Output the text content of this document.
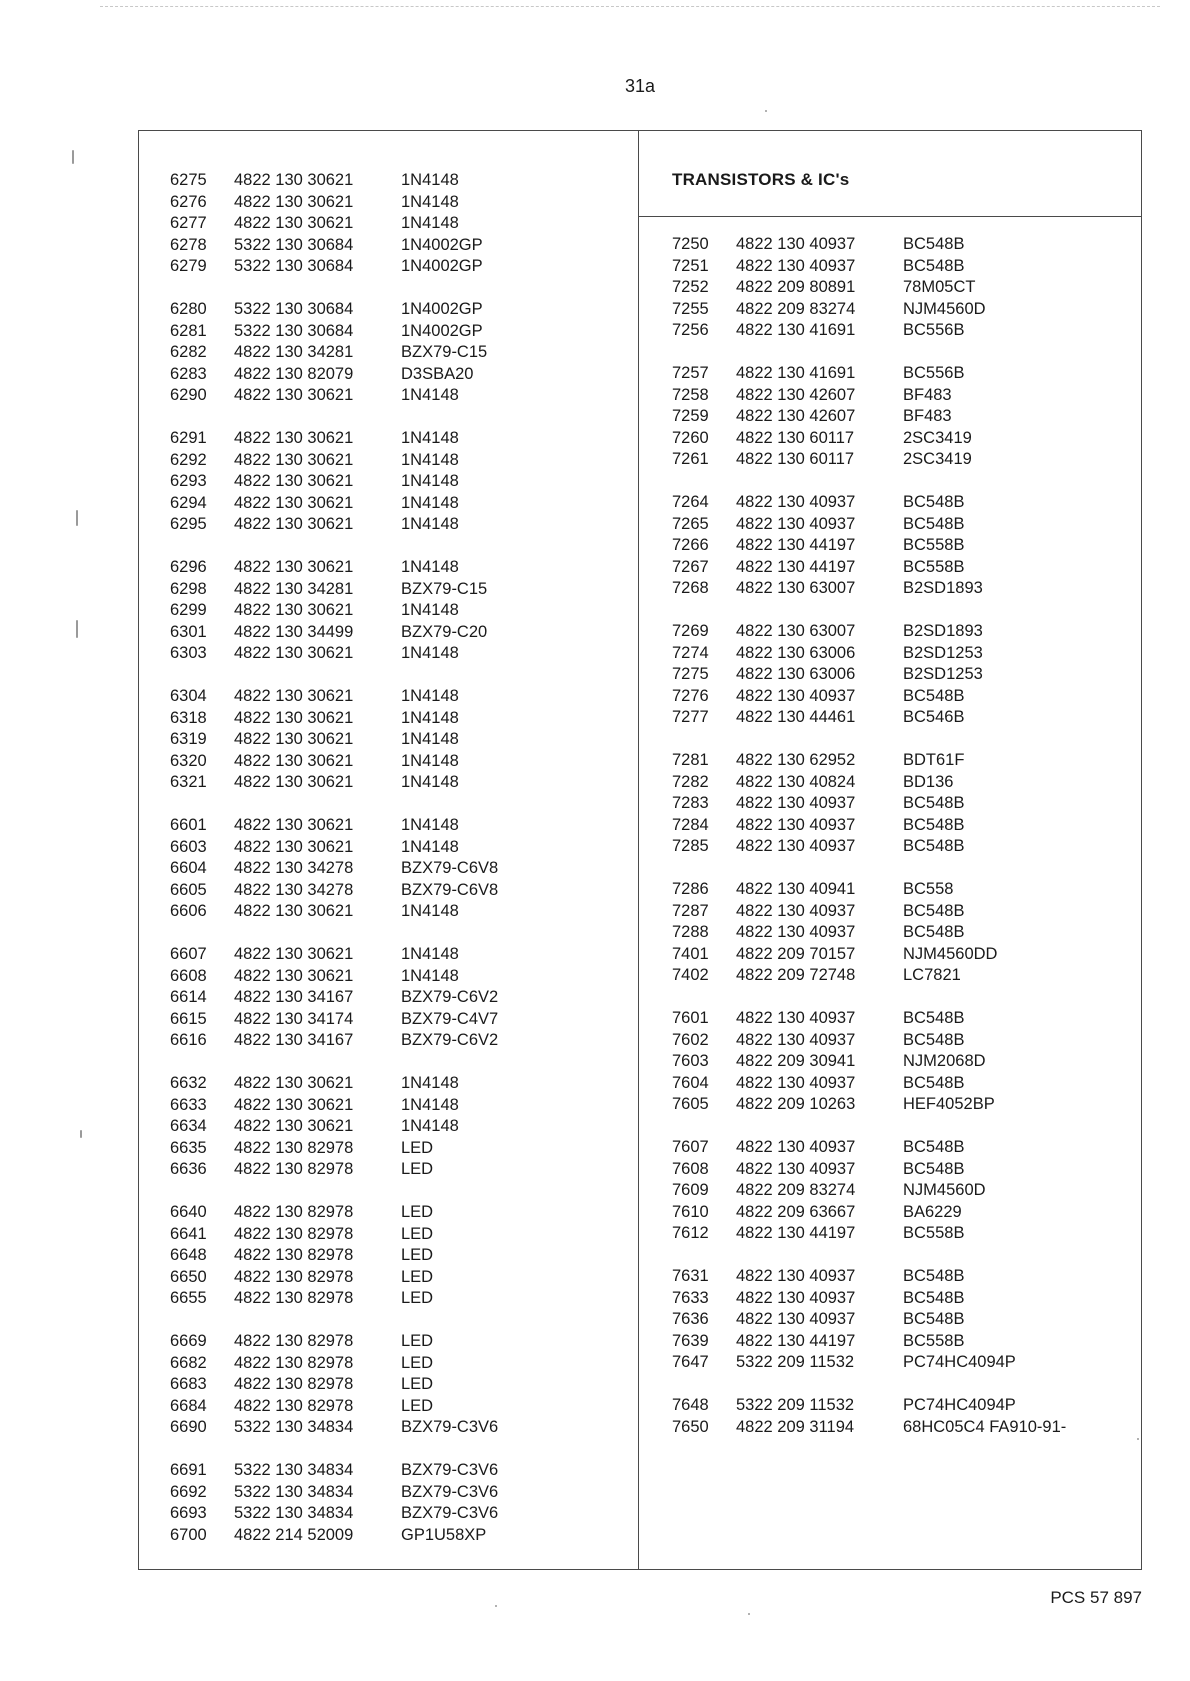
31a
TRANSISTORS & IC's
6275	4822 130 30621	1N4148
6276	4822 130 30621	1N4148
6277	4822 130 30621	1N4148
6278	5322 130 30684	1N4002GP
6279	5322 130 30684	1N4002GP
6280	5322 130 30684	1N4002GP
6281	5322 130 30684	1N4002GP
6282	4822 130 34281	BZX79-C15
6283	4822 130 82079	D3SBA20
6290	4822 130 30621	1N4148
6291	4822 130 30621	1N4148
6292	4822 130 30621	1N4148
6293	4822 130 30621	1N4148
6294	4822 130 30621	1N4148
6295	4822 130 30621	1N4148
6296	4822 130 30621	1N4148
6298	4822 130 34281	BZX79-C15
6299	4822 130 30621	1N4148
6301	4822 130 34499	BZX79-C20
6303	4822 130 30621	1N4148
6304	4822 130 30621	1N4148
6318	4822 130 30621	1N4148
6319	4822 130 30621	1N4148
6320	4822 130 30621	1N4148
6321	4822 130 30621	1N4148
6601	4822 130 30621	1N4148
6603	4822 130 30621	1N4148
6604	4822 130 34278	BZX79-C6V8
6605	4822 130 34278	BZX79-C6V8
6606	4822 130 30621	1N4148
6607	4822 130 30621	1N4148
6608	4822 130 30621	1N4148
6614	4822 130 34167	BZX79-C6V2
6615	4822 130 34174	BZX79-C4V7
6616	4822 130 34167	BZX79-C6V2
6632	4822 130 30621	1N4148
6633	4822 130 30621	1N4148
6634	4822 130 30621	1N4148
6635	4822 130 82978	LED
6636	4822 130 82978	LED
6640	4822 130 82978	LED
6641	4822 130 82978	LED
6648	4822 130 82978	LED
6650	4822 130 82978	LED
6655	4822 130 82978	LED
6669	4822 130 82978	LED
6682	4822 130 82978	LED
6683	4822 130 82978	LED
6684	4822 130 82978	LED
6690	5322 130 34834	BZX79-C3V6
6691	5322 130 34834	BZX79-C3V6
6692	5322 130 34834	BZX79-C3V6
6693	5322 130 34834	BZX79-C3V6
6700	4822 214 52009	GP1U58XP
7250	4822 130 40937	BC548B
7251	4822 130 40937	BC548B
7252	4822 209 80891	78M05CT
7255	4822 209 83274	NJM4560D
7256	4822 130 41691	BC556B
7257	4822 130 41691	BC556B
7258	4822 130 42607	BF483
7259	4822 130 42607	BF483
7260	4822 130 60117	2SC3419
7261	4822 130 60117	2SC3419
7264	4822 130 40937	BC548B
7265	4822 130 40937	BC548B
7266	4822 130 44197	BC558B
7267	4822 130 44197	BC558B
7268	4822 130 63007	B2SD1893
7269	4822 130 63007	B2SD1893
7274	4822 130 63006	B2SD1253
7275	4822 130 63006	B2SD1253
7276	4822 130 40937	BC548B
7277	4822 130 44461	BC546B
7281	4822 130 62952	BDT61F
7282	4822 130 40824	BD136
7283	4822 130 40937	BC548B
7284	4822 130 40937	BC548B
7285	4822 130 40937	BC548B
7286	4822 130 40941	BC558
7287	4822 130 40937	BC548B
7288	4822 130 40937	BC548B
7401	4822 209 70157	NJM4560DD
7402	4822 209 72748	LC7821
7601	4822 130 40937	BC548B
7602	4822 130 40937	BC548B
7603	4822 209 30941	NJM2068D
7604	4822 130 40937	BC548B
7605	4822 209 10263	HEF4052BP
7607	4822 130 40937	BC548B
7608	4822 130 40937	BC548B
7609	4822 209 83274	NJM4560D
7610	4822 209 63667	BA6229
7612	4822 130 44197	BC558B
7631	4822 130 40937	BC548B
7633	4822 130 40937	BC548B
7636	4822 130 40937	BC548B
7639	4822 130 44197	BC558B
7647	5322 209 11532	PC74HC4094P
7648	5322 209 11532	PC74HC4094P
7650	4822 209 31194	68HC05C4 FA910-91-
PCS 57 897
